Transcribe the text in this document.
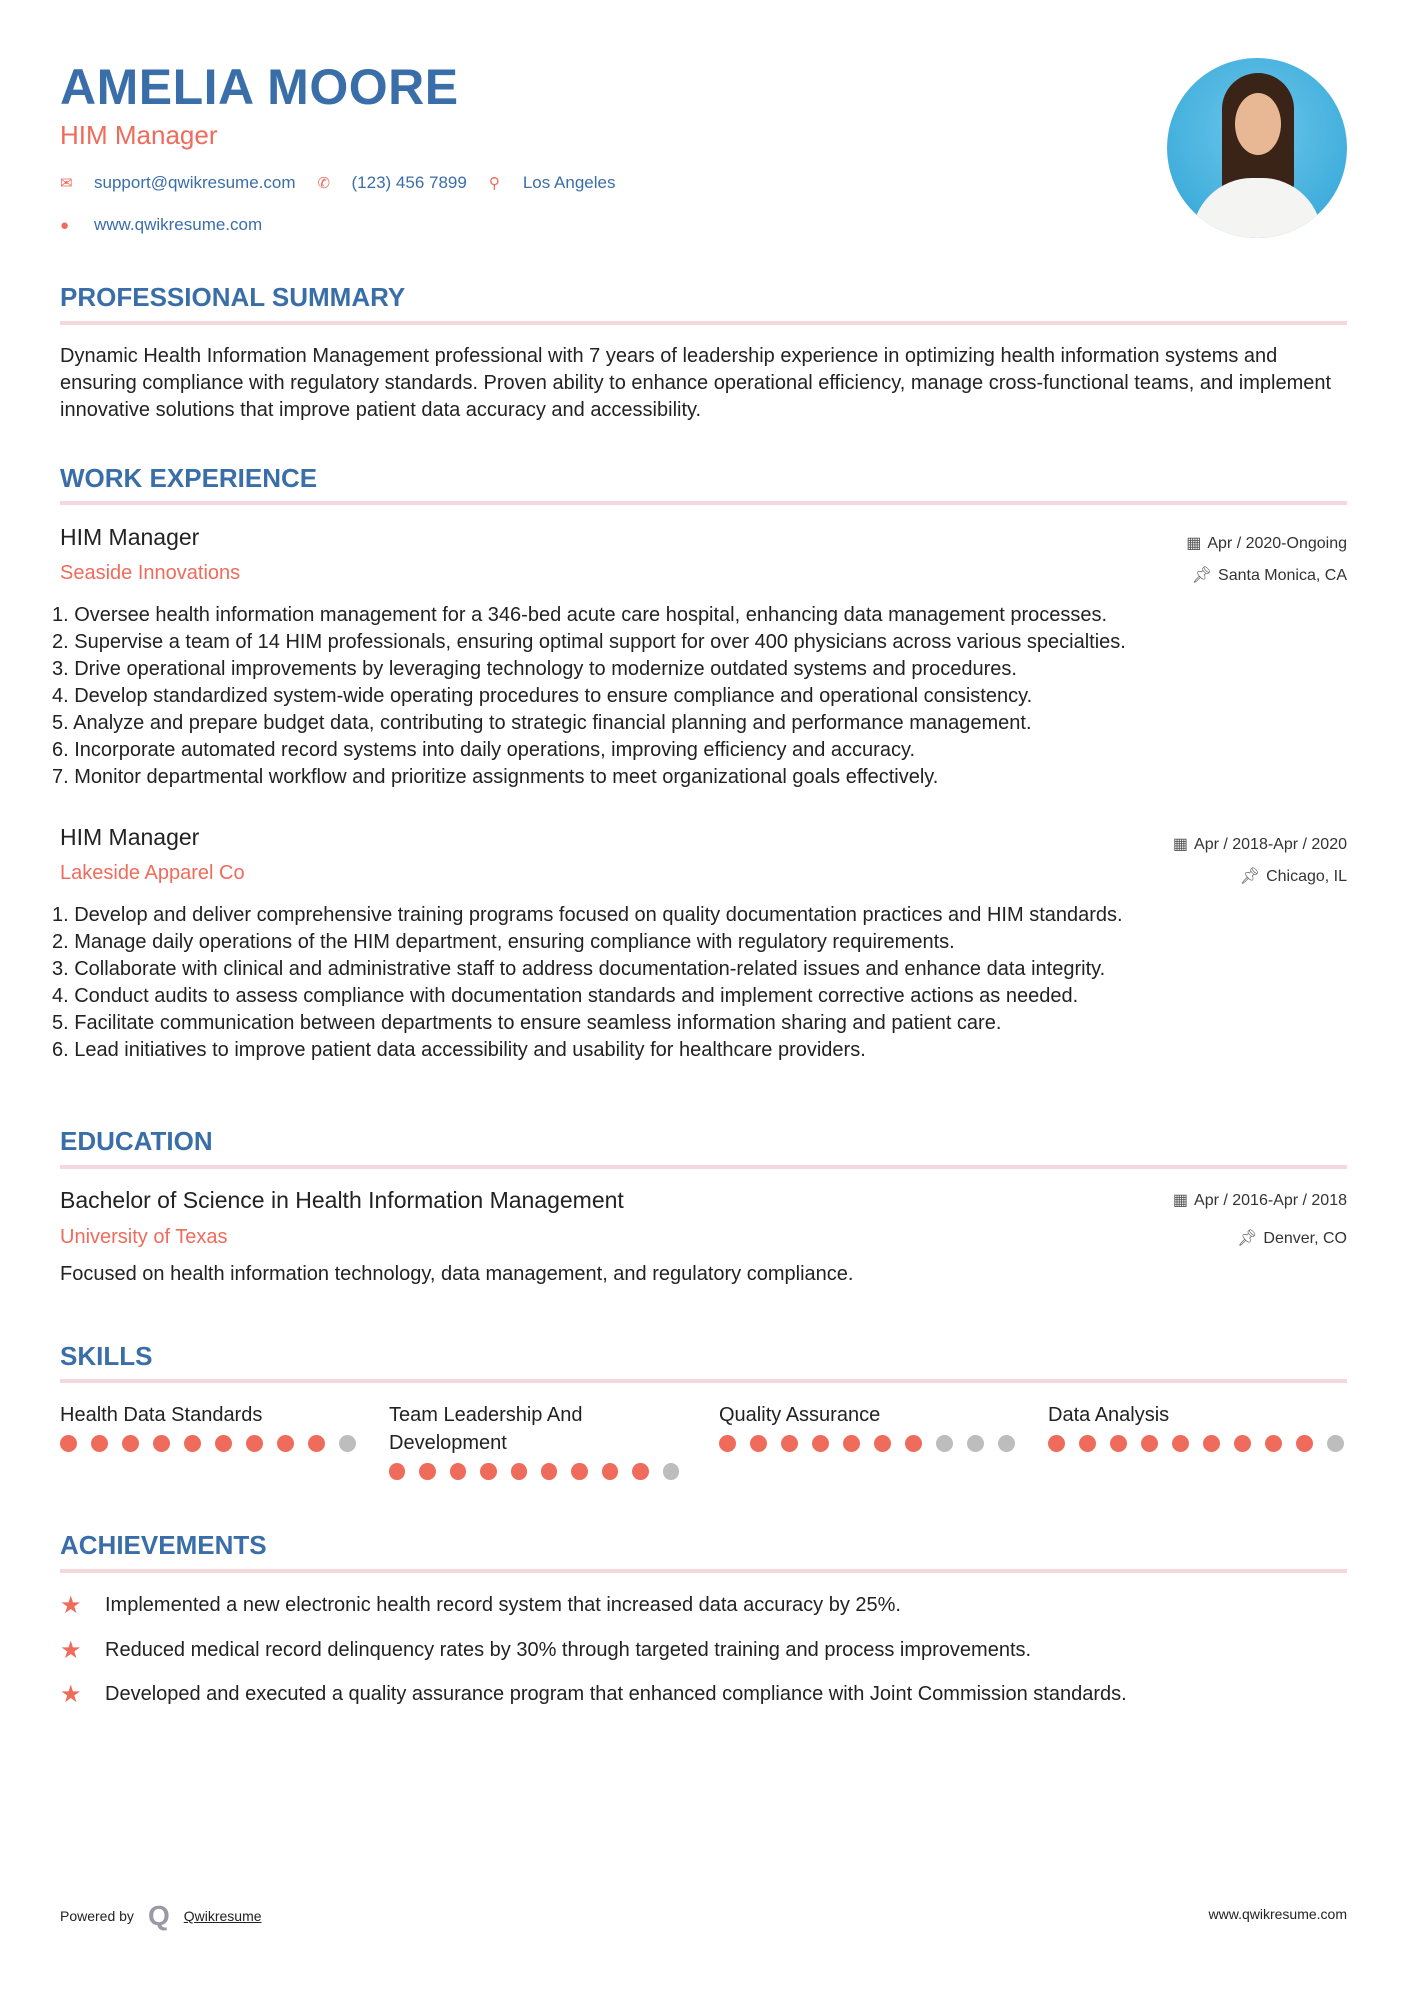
AMELIA MOORE
HIM Manager
✉	support@qwikresume.com ✆	(123) 456 7899 ⚲	Los Angeles
●	www.qwikresume.com
PROFESSIONAL SUMMARY
Dynamic Health Information Management professional with 7 years of leadership experience in optimizing health information systems and ensuring compliance with regulatory standards. Proven ability to enhance operational efficiency, manage cross-functional teams, and implement innovative solutions that improve patient data accuracy and accessibility.
WORK EXPERIENCE
HIM Manager
Seaside Innovations
▦ Apr / 2020-Ongoing
📌︎ Santa Monica, CA
1. Oversee health information management for a 346-bed acute care hospital, enhancing data management processes.
2. Supervise a team of 14 HIM professionals, ensuring optimal support for over 400 physicians across various specialties.
3. Drive operational improvements by leveraging technology to modernize outdated systems and procedures.
4. Develop standardized system-wide operating procedures to ensure compliance and operational consistency.
5. Analyze and prepare budget data, contributing to strategic financial planning and performance management.
6. Incorporate automated record systems into daily operations, improving efficiency and accuracy.
7. Monitor departmental workflow and prioritize assignments to meet organizational goals effectively.
HIM Manager
Lakeside Apparel Co
▦ Apr / 2018-Apr / 2020
📌︎ Chicago, IL
1. Develop and deliver comprehensive training programs focused on quality documentation practices and HIM standards.
2. Manage daily operations of the HIM department, ensuring compliance with regulatory requirements.
3. Collaborate with clinical and administrative staff to address documentation-related issues and enhance data integrity.
4. Conduct audits to assess compliance with documentation standards and implement corrective actions as needed.
5. Facilitate communication between departments to ensure seamless information sharing and patient care.
6. Lead initiatives to improve patient data accessibility and usability for healthcare providers.
EDUCATION
Bachelor of Science in Health Information Management
University of Texas
▦ Apr / 2016-Apr / 2018
📌︎ Denver, CO
Focused on health information technology, data management, and regulatory compliance.
SKILLS
Health Data Standards	Team Leadership And Development
Quality Assurance	Data Analysis
ACHIEVEMENTS
★	Implemented a new electronic health record system that increased data accuracy by 25%.
★	Reduced medical record delinquency rates by 30% through targeted training and process improvements.
★	Developed and executed a quality assurance program that enhanced compliance with Joint Commission standards.
Powered by Q Qwikresume	www.qwikresume.com
